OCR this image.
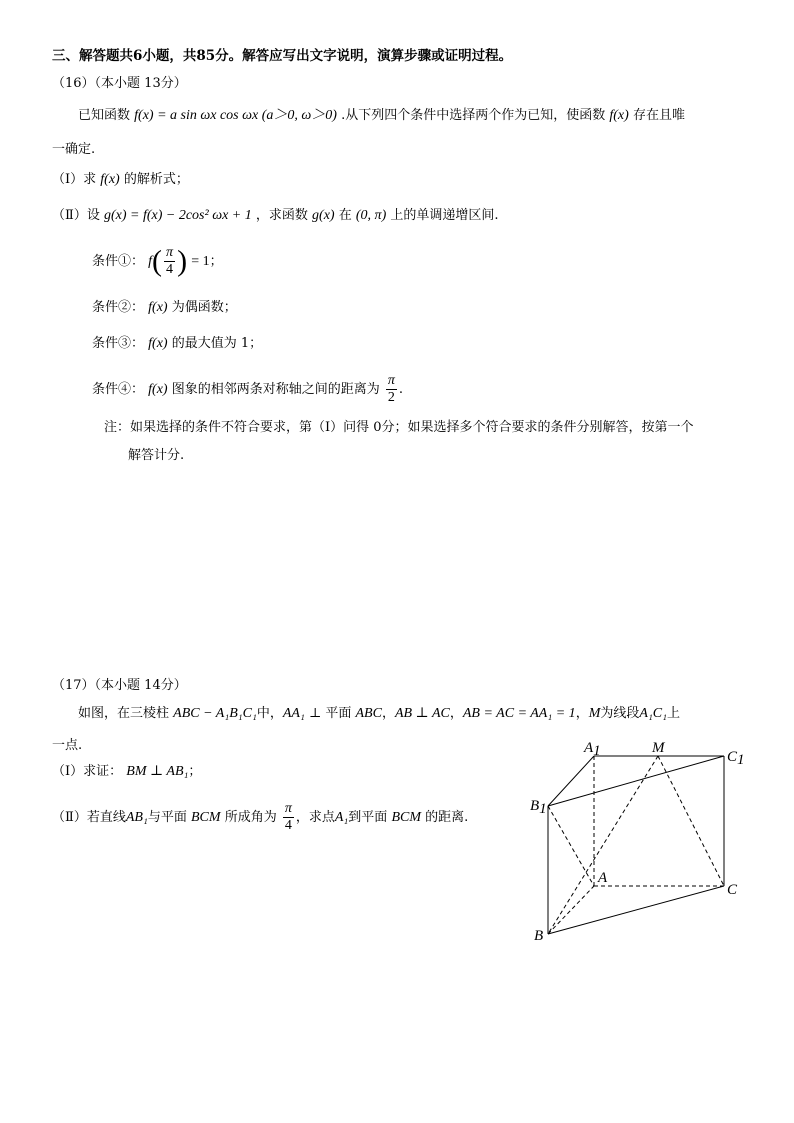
三、解答题共6小题，共85分。解答应写出文字说明，演算步骤或证明过程。
（16）（本小题 13分）
已知函数 f(x) = a sin ωx cos ωx (a＞0, ω＞0) .从下列四个条件中选择两个作为已知，使函数 f(x) 存在且唯
一确定.
（Ⅰ）求 f(x) 的解析式；
（Ⅱ）设 g(x) = f(x) − 2cos² ωx + 1 ，求函数 g(x) 在 (0, π) 上的单调递增区间.
条件①： $f( \frac{\pi}{4}$ ) = 1；
条件②： f(x) 为偶函数；
条件③： f(x) 的最大值为 1；
条件④： f(x) 图象的相邻两条对称轴之间的距离为 $\frac{\pi}{2}$ .
注：如果选择的条件不符合要求，第（Ⅰ）问得 0分；如果选择多个符合要求的条件分别解答，按第一个
解答计分.
（17）（本小题 14分）
如图，在三棱柱 ABC − A₁B₁C₁中，AA₁ ⊥ 平面 ABC，AB ⊥ AC，AB = AC = AA₁ = 1，M为线段A₁C₁上
一点.
（Ⅰ）求证： BM ⊥ AB₁；
（Ⅱ）若直线AB₁与平面 BCM 所成角为 $\frac{\pi}{4}$ ，求点A₁到平面 BCM 的距离.
A1	M
C1
B1
A
C
B
